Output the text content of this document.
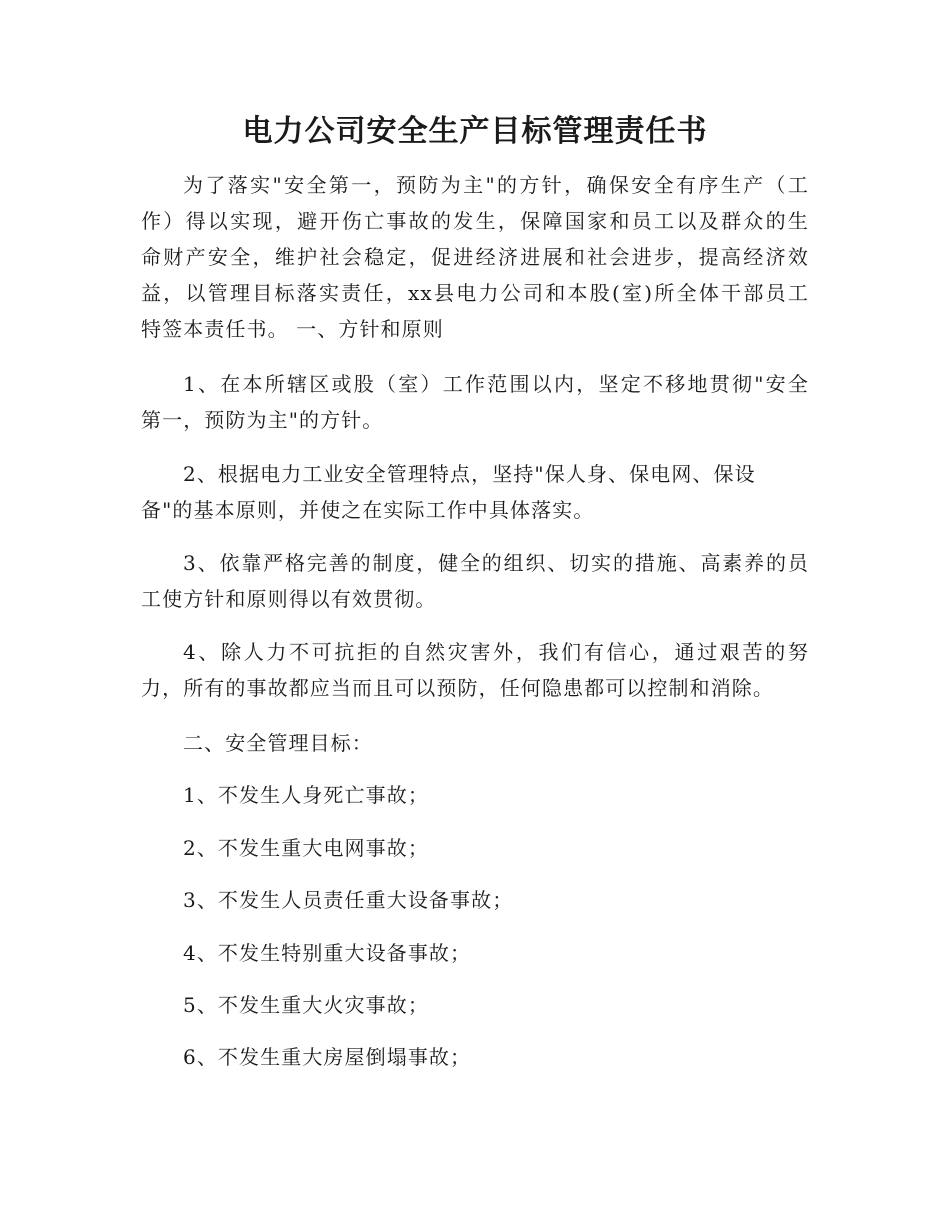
电力公司安全生产目标管理责任书

为了落实"安全第一，预防为主"的方针，确保安全有序生产（工
作）得以实现，避开伤亡事故的发生，保障国家和员工以及群众的生
命财产安全，维护社会稳定，促进经济进展和社会进步，提高经济效
益，以管理目标落实责任，xx县电力公司和本股(室)所全体干部员工
特签本责任书。 一、方针和原则

1、在本所辖区或股（室）工作范围以内，坚定不移地贯彻"安全
第一，预防为主"的方针。

2、根据电力工业安全管理特点，坚持"保人身、保电网、保设
备"的基本原则，并使之在实际工作中具体落实。

3、依靠严格完善的制度，健全的组织、切实的措施、高素养的员
工使方针和原则得以有效贯彻。

4、除人力不可抗拒的自然灾害外，我们有信心，通过艰苦的努
力，所有的事故都应当而且可以预防，任何隐患都可以控制和消除。

二、安全管理目标：

1、不发生人身死亡事故；

2、不发生重大电网事故；

3、不发生人员责任重大设备事故；

4、不发生特别重大设备事故；

5、不发生重大火灾事故；

6、不发生重大房屋倒塌事故；
